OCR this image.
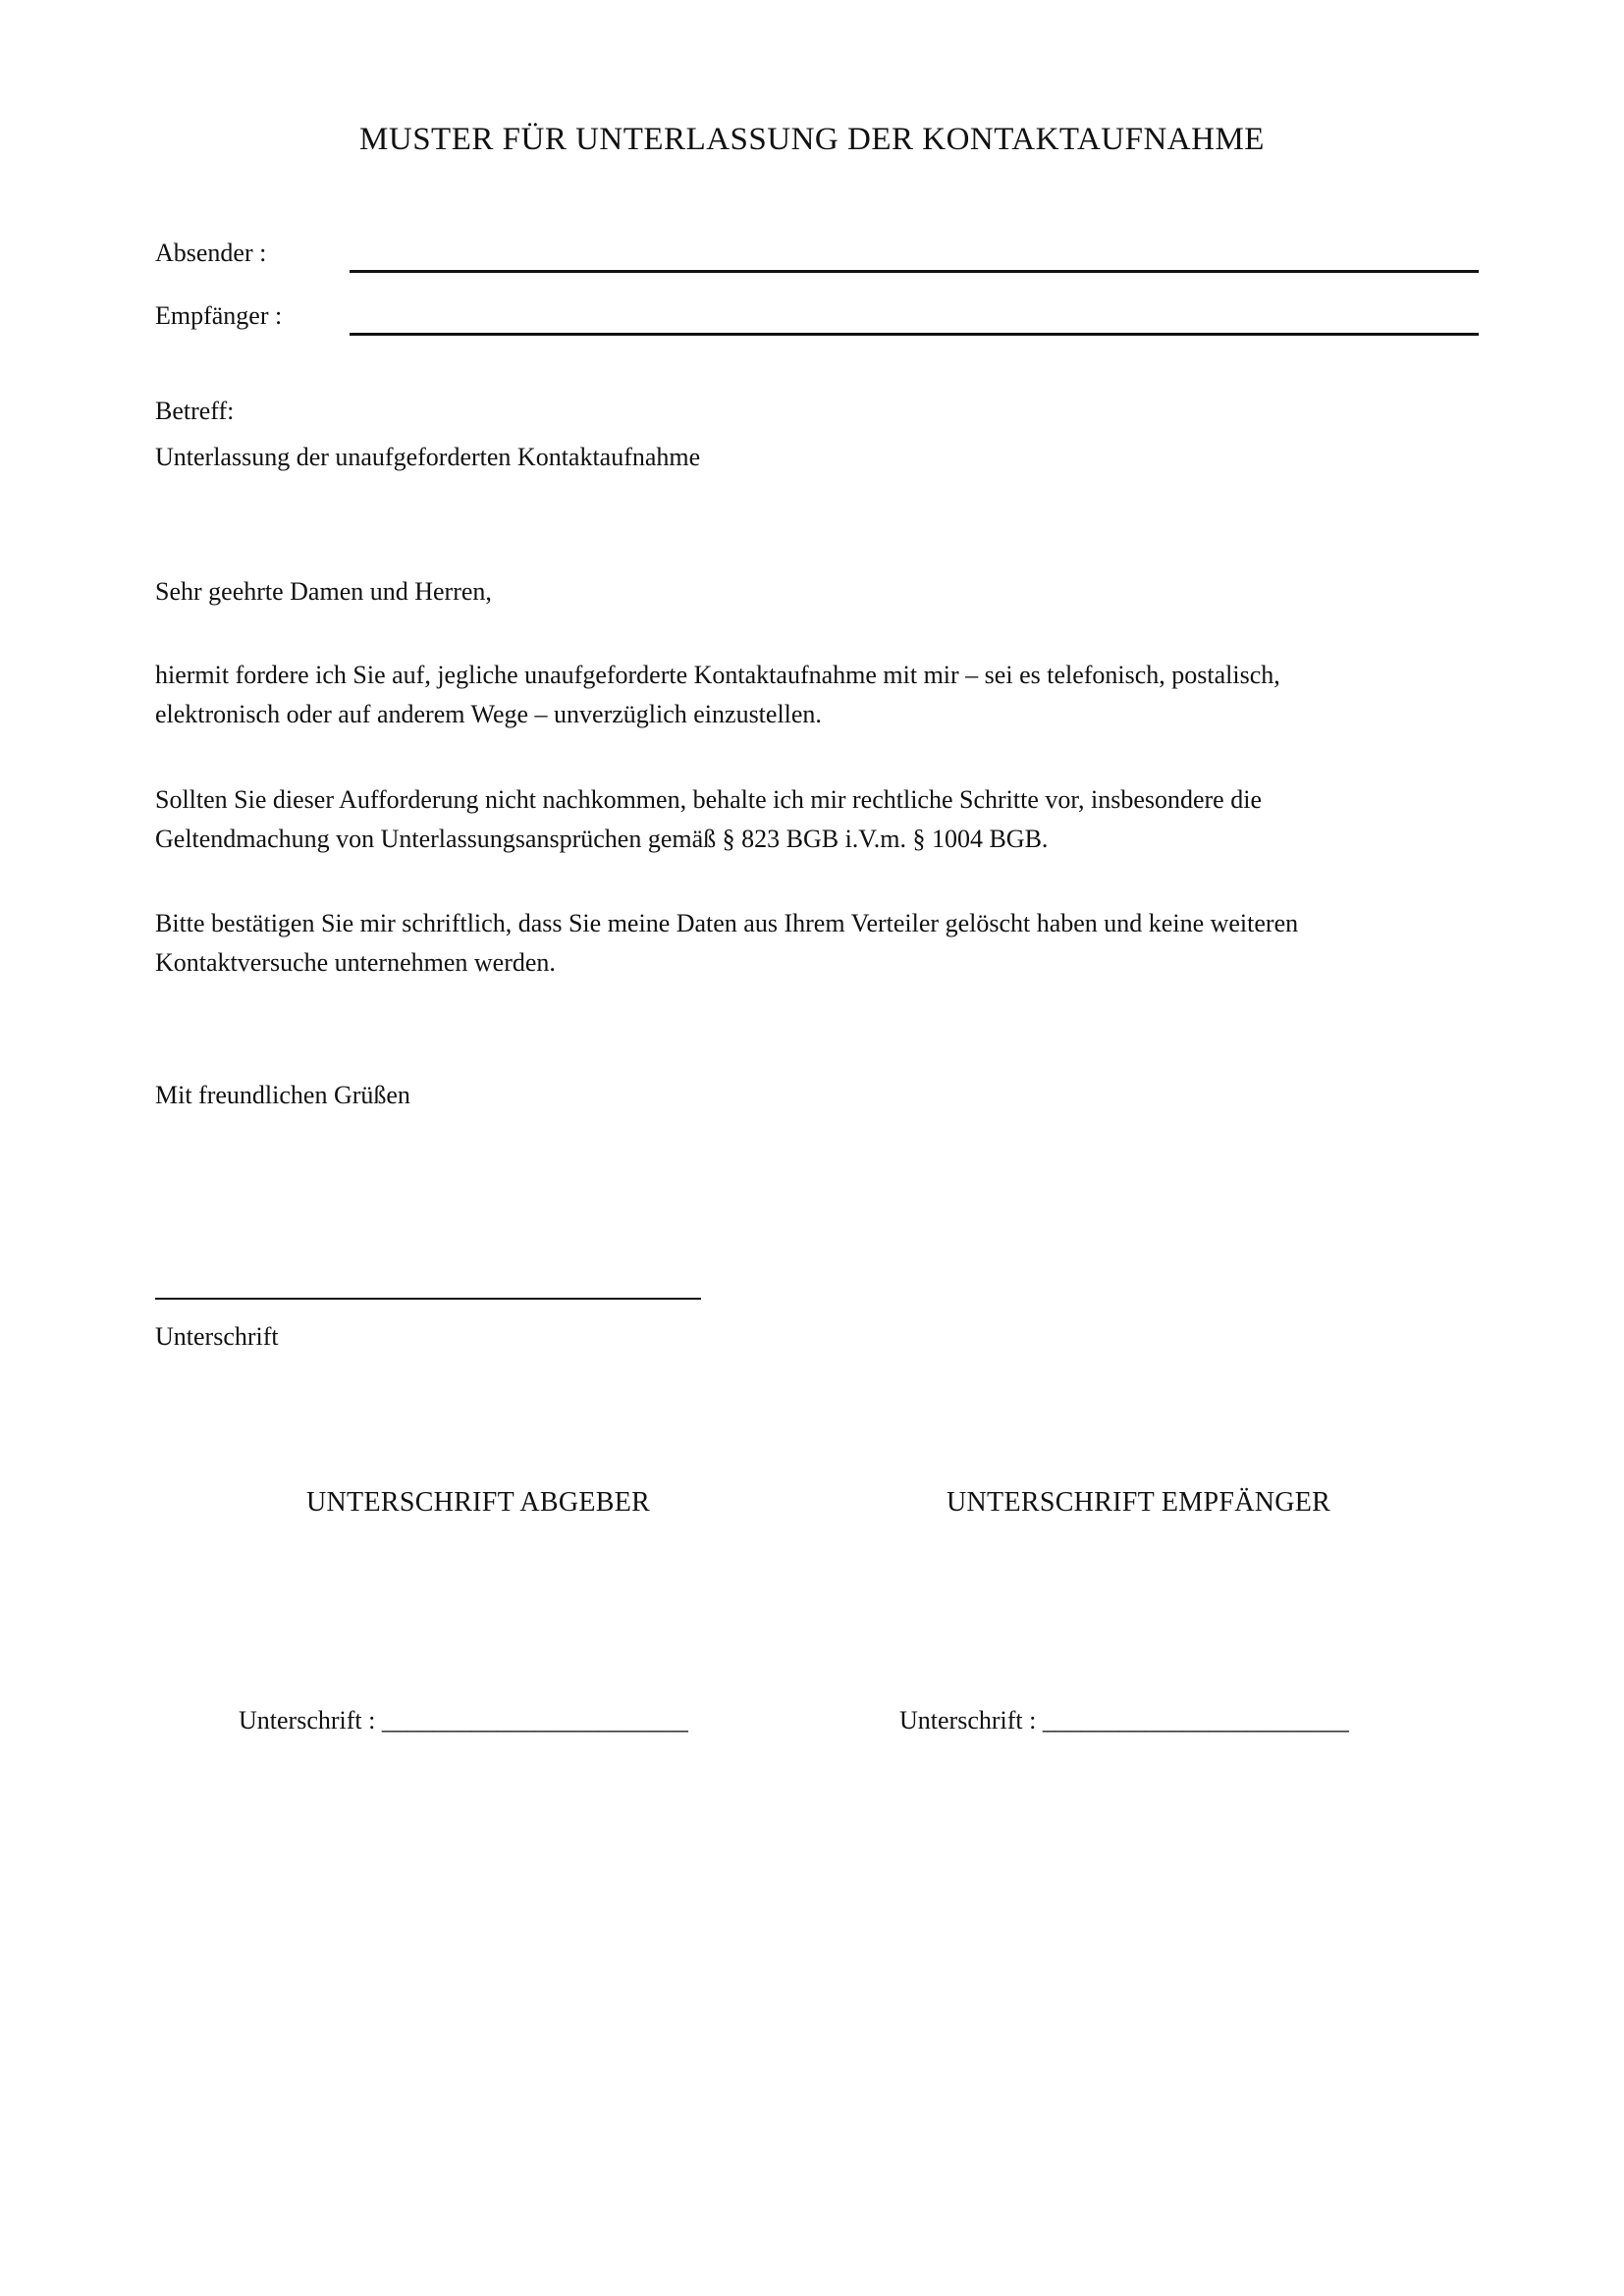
MUSTER FÜR UNTERLASSUNG DER KONTAKTAUFNAHME
Absender :
Empfänger :
Betreff:
Unterlassung der unaufgeforderten Kontaktaufnahme
Sehr geehrte Damen und Herren,

hiermit fordere ich Sie auf, jegliche unaufgeforderte Kontaktaufnahme mit mir – sei es telefonisch, postalisch,

elektronisch oder auf anderem Wege – unverzüglich einzustellen.

Sollten Sie dieser Aufforderung nicht nachkommen, behalte ich mir rechtliche Schritte vor, insbesondere die

Geltendmachung von Unterlassungsansprüchen gemäß § 823 BGB i.V.m. § 1004 BGB.

Bitte bestätigen Sie mir schriftlich, dass Sie meine Daten aus Ihrem Verteiler gelöscht haben und keine weiteren

Kontaktversuche unternehmen werden.

Mit freundlichen Grüßen
Unterschrift
UNTERSCHRIFT ABGEBER	UNTERSCHRIFT EMPFÄNGER
Unterschrift : ________________________	Unterschrift : ________________________
